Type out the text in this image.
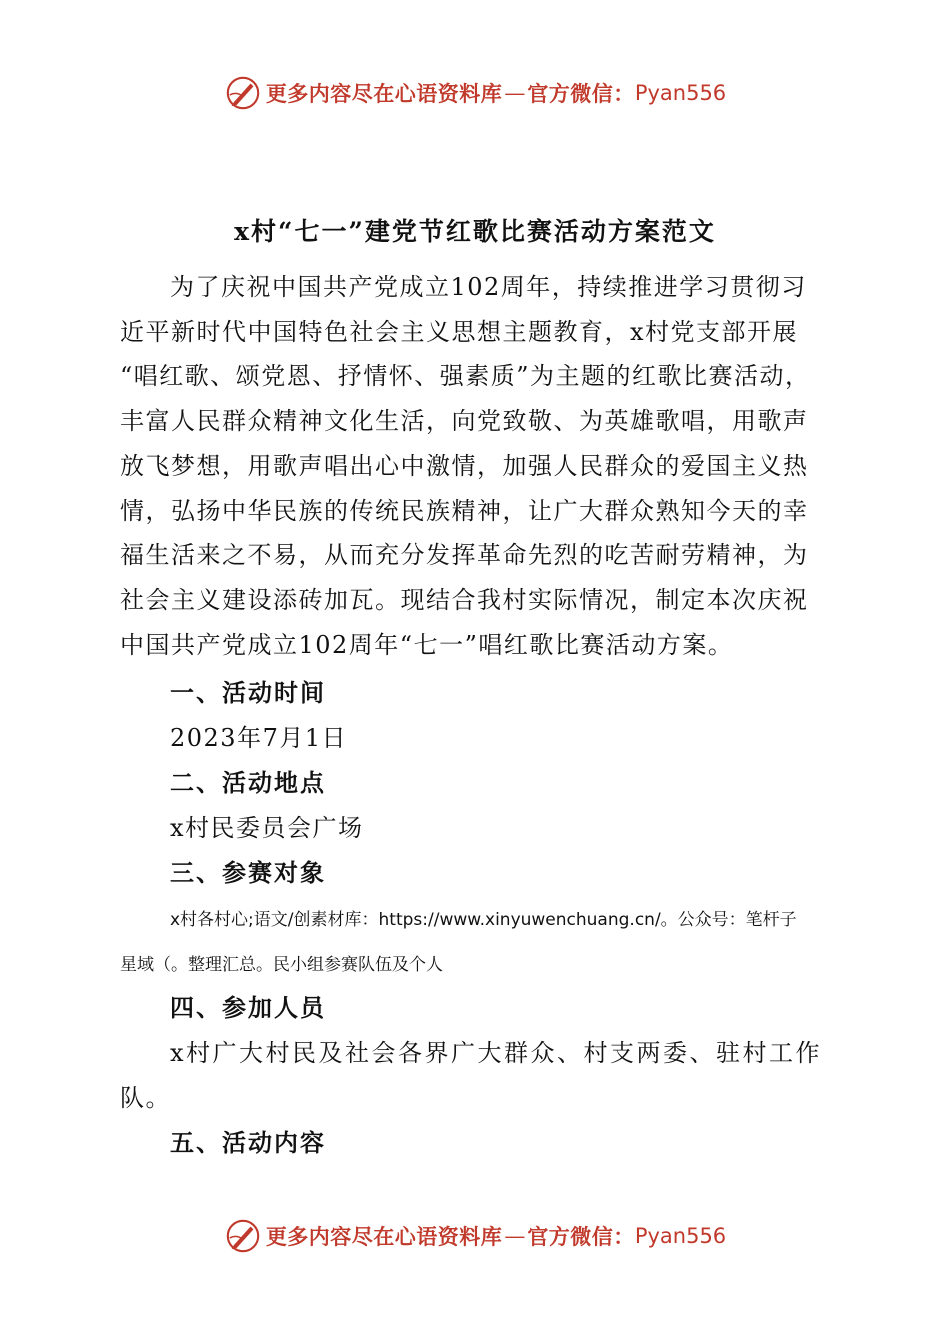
更多内容尽在心语资料库 — 官方微信： Pyan556
x村“七一”建党节红歌比赛活动方案范文

为了庆祝中国共产党成立102周年，持续推进学习贯彻习

近平新时代中国特色社会主义思想主题教育，x村党支部开展

“唱红歌、颂党恩、抒情怀、强素质”为主题的红歌比赛活动，

丰富人民群众精神文化生活，向党致敬、为英雄歌唱，用歌声

放飞梦想，用歌声唱出心中激情，加强人民群众的爱国主义热

情，弘扬中华民族的传统民族精神，让广大群众熟知今天的幸

福生活来之不易，从而充分发挥革命先烈的吃苦耐劳精神，为

社会主义建设添砖加瓦。现结合我村实际情况，制定本次庆祝

中国共产党成立102周年“七一”唱红歌比赛活动方案。

一、活动时间
2023年7月1日
二、活动地点
x村民委员会广场
三、参赛对象
x村各村心;语文/创素材库：https://www.xinyuwenchuang.cn/。公众号：笔杆子
星域（。整理汇总。民小组参赛队伍及个人
四、参加人员
x村广大村民及社会各界广大群众、村支两委、驻村工作
队。
五、活动内容
更多内容尽在心语资料库 — 官方微信： Pyan556
